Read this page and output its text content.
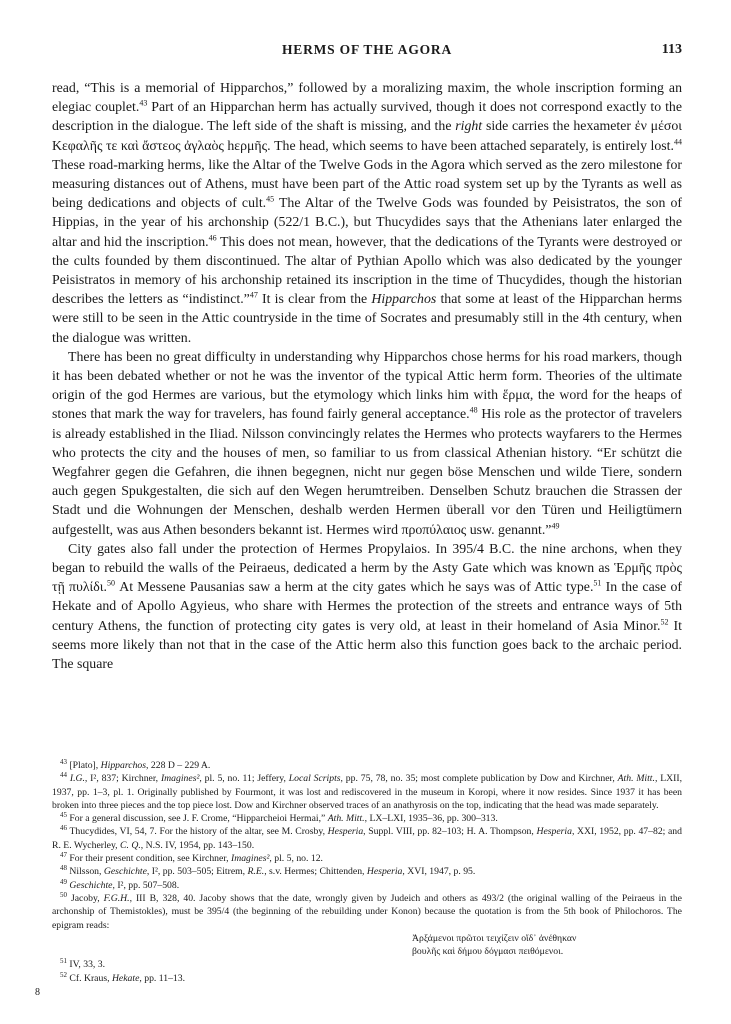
HERMS OF THE AGORA	113

read, “This is a memorial of Hipparchos,” followed by a moralizing maxim, the whole inscription forming an elegiac couplet.$^{43}$ Part of an Hipparchan herm has actually survived, though it does not correspond exactly to the description in the dialogue. The left side of the shaft is missing, and the right side carries the hexameter ἐν μέσοι Κεφαλῆς τε καὶ ἄστεος ἀγλαὸς hερμῆς. The head, which seems to have been attached separately, is entirely lost.$^{44}$ These road-marking herms, like the Altar of the Twelve Gods in the Agora which served as the zero milestone for measuring distances out of Athens, must have been part of the Attic road system set up by the Tyrants as well as being dedications and objects of cult.$^{45}$ The Altar of the Twelve Gods was founded by Peisistratos, the son of Hippias, in the year of his archonship (522/1 B.C.), but Thucydides says that the Athenians later enlarged the altar and hid the inscription.$^{46}$ This does not mean, however, that the dedications of the Tyrants were destroyed or the cults founded by them discontinued. The altar of Pythian Apollo which was also dedicated by the younger Peisistratos in memory of his archonship retained its inscription in the time of Thucydides, though the historian describes the letters as “indistinct.”$^{47}$ It is clear from the Hipparchos that some at least of the Hipparchan herms were still to be seen in the Attic countryside in the time of Socrates and presumably still in the 4th century, when the dialogue was written.

There has been no great difficulty in understanding why Hipparchos chose herms for his road markers, though it has been debated whether or not he was the inventor of the typical Attic herm form. Theories of the ultimate origin of the god Hermes are various, but the etymology which links him with ἕρμα, the word for the heaps of stones that mark the way for travelers, has found fairly general acceptance.$^{48}$ His role as the protector of travelers is already established in the Iliad. Nilsson convincingly relates the Hermes who protects wayfarers to the Hermes who protects the city and the houses of men, so familiar to us from classical Athenian history. “Er schützt die Wegfahrer gegen die Gefahren, die ihnen begegnen, nicht nur gegen böse Menschen und wilde Tiere, sondern auch gegen Spukgestalten, die sich auf den Wegen herumtreiben. Denselben Schutz brauchen die Strassen der Stadt und die Wohnungen der Menschen, deshalb werden Hermen überall vor den Türen und Heiligtümern aufgestellt, was aus Athen besonders bekannt ist. Hermes wird προπύλαιος usw. genannt.”$^{49}$

City gates also fall under the protection of Hermes Propylaios. In 395/4 B.C. the nine archons, when they began to rebuild the walls of the Peiraeus, dedicated a herm by the Asty Gate which was known as Ἑρμῆς πρὸς τῇ πυλίδι.$^{50}$ At Messene Pausanias saw a herm at the city gates which he says was of Attic type.$^{51}$ In the case of Hekate and of Apollo Agyieus, who share with Hermes the protection of the streets and entrance ways of 5th century Athens, the function of protecting city gates is very old, at least in their homeland of Asia Minor.$^{52}$ It seems more likely than not that in the case of the Attic herm also this function goes back to the archaic period. The square

$^{43}$ [Plato], Hipparchos, 228 D – 229 A.

$^{44}$ I.G., I², 837; Kirchner, Imagines², pl. 5, no. 11; Jeffery, Local Scripts, pp. 75, 78, no. 35; most complete publication by Dow and Kirchner, Ath. Mitt., LXII, 1937, pp. 1–3, pl. 1. Originally published by Fourmont, it was lost and rediscovered in the museum in Koropi, where it now resides. Since 1937 it has been broken into three pieces and the top piece lost. Dow and Kirchner observed traces of an anathyrosis on the top, indicating that the head was made separately.

$^{45}$ For a general discussion, see J. F. Crome, “Hipparcheioi Hermai,” Ath. Mitt., LX–LXI, 1935–36, pp. 300–313.

$^{46}$ Thucydides, VI, 54, 7. For the history of the altar, see M. Crosby, Hesperia, Suppl. VIII, pp. 82–103; H. A. Thompson, Hesperia, XXI, 1952, pp. 47–82; and R. E. Wycherley, C. Q., N.S. IV, 1954, pp. 143–150.

$^{47}$ For their present condition, see Kirchner, Imagines², pl. 5, no. 12.

$^{48}$ Nilsson, Geschichte, I², pp. 503–505; Eitrem, R.E., s.v. Hermes; Chittenden, Hesperia, XVI, 1947, p. 95.

$^{49}$ Geschichte, I², pp. 507–508.

$^{50}$ Jacoby, F.G.H., III B, 328, 40. Jacoby shows that the date, wrongly given by Judeich and others as 493/2 (the original walling of the Peiraeus in the archonship of Themistokles), must be 395/4 (the beginning of the rebuilding under Konon) because the quotation is from the 5th book of Philochoros. The epigram reads:

Ἀρξάμενοι πρῶτοι τειχίζειν οἵδ᾽ ἀνέθηκαν

βουλῆς καὶ δήμου δόγμασι πειθόμενοι.

$^{51}$ IV, 33, 3.

$^{52}$ Cf. Kraus, Hekate, pp. 11–13.

8
